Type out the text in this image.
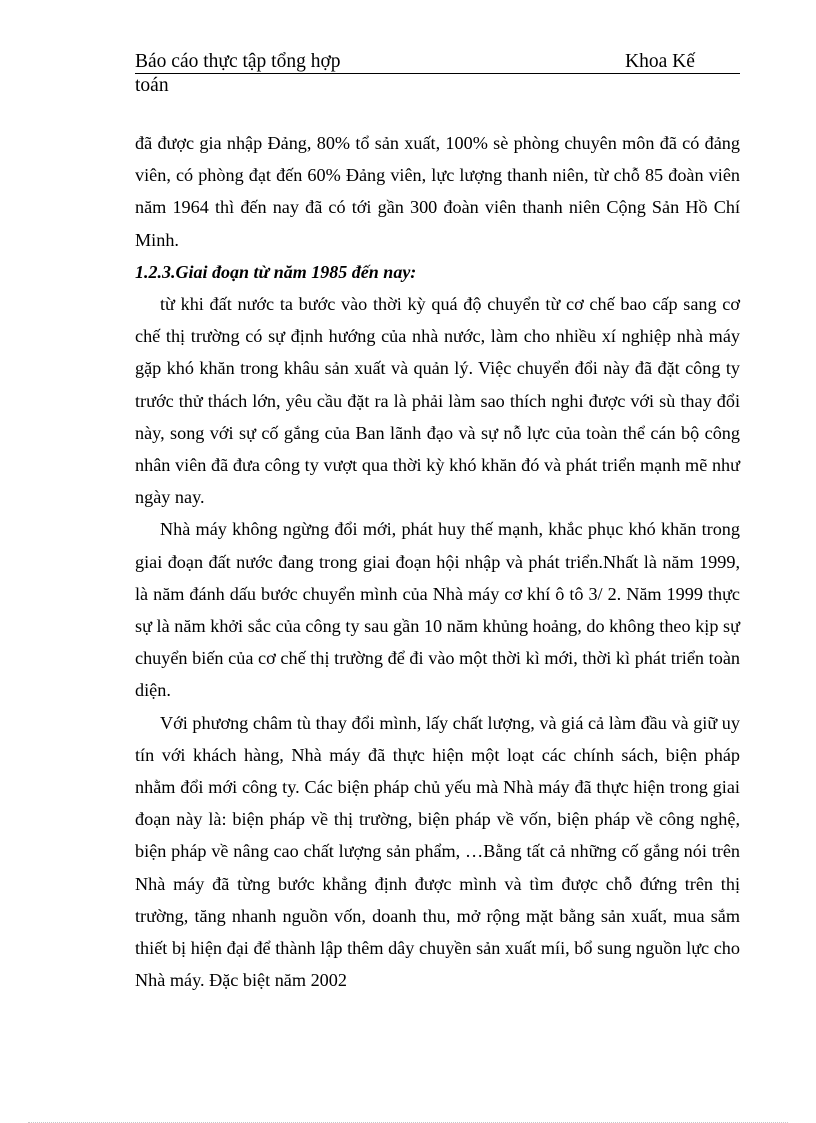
Báo cáo thực tập tổng hợp	Khoa Kế
toán

đã được gia nhập Đảng, 80% tổ sản xuất, 100% sè phòng chuyên môn đã có đảng viên, có phòng đạt đến 60% Đảng viên, lực lượng thanh niên, từ chỗ 85 đoàn viên năm 1964 thì đến nay đã có tới gần 300 đoàn viên thanh niên Cộng Sản Hồ Chí Minh.

1.2.3.Giai đoạn từ năm 1985 đến nay:

từ khi đất nước ta bước vào thời kỳ quá độ chuyển từ cơ chế bao cấp sang cơ chế thị trường có sự định hướng của nhà nước, làm cho nhiều xí nghiệp nhà máy gặp khó khăn trong khâu sản xuất và quản lý. Việc chuyển đổi này đã đặt công ty trước thử thách lớn, yêu cầu đặt ra là phải làm sao thích nghi được với sù thay đổi này, song với sự cố gắng của Ban lãnh đạo và sự nỗ lực của toàn thể cán bộ công nhân viên đã đưa công ty vượt qua thời kỳ khó khăn đó và phát triển mạnh mẽ như ngày nay.

Nhà máy không ngừng đổi mới, phát huy thế mạnh, khắc phục khó khăn trong giai đoạn đất nước đang trong giai đoạn hội nhập và phát triển.Nhất là năm 1999, là năm đánh dấu bước chuyển mình của Nhà máy cơ khí ô tô 3/ 2. Năm 1999 thực sự là năm khởi sắc của công ty sau gần 10 năm khủng hoảng, do không theo kịp sự chuyển biến của cơ chế thị trường để đi vào một thời kì mới, thời kì phát triển toàn diện.

Với phương châm tù thay đổi mình, lấy chất lượng, và giá cả làm đầu và giữ uy tín với khách hàng, Nhà máy đã thực hiện một loạt các chính sách, biện pháp nhằm đổi mới công ty. Các biện pháp chủ yếu mà Nhà máy đã thực hiện trong giai đoạn này là: biện pháp về thị trường, biện pháp về vốn, biện pháp về công nghệ, biện pháp về nâng cao chất lượng sản phẩm, …Bằng tất cả những cố gắng nói trên Nhà máy đã từng bước khẳng định được mình và tìm được chỗ đứng trên thị trường, tăng nhanh nguồn vốn, doanh thu, mở rộng mặt bằng sản xuất, mua sắm thiết bị hiện đại để thành lập thêm dây chuyền sản xuất míi, bổ sung nguồn lực cho Nhà máy. Đặc biệt năm 2002
